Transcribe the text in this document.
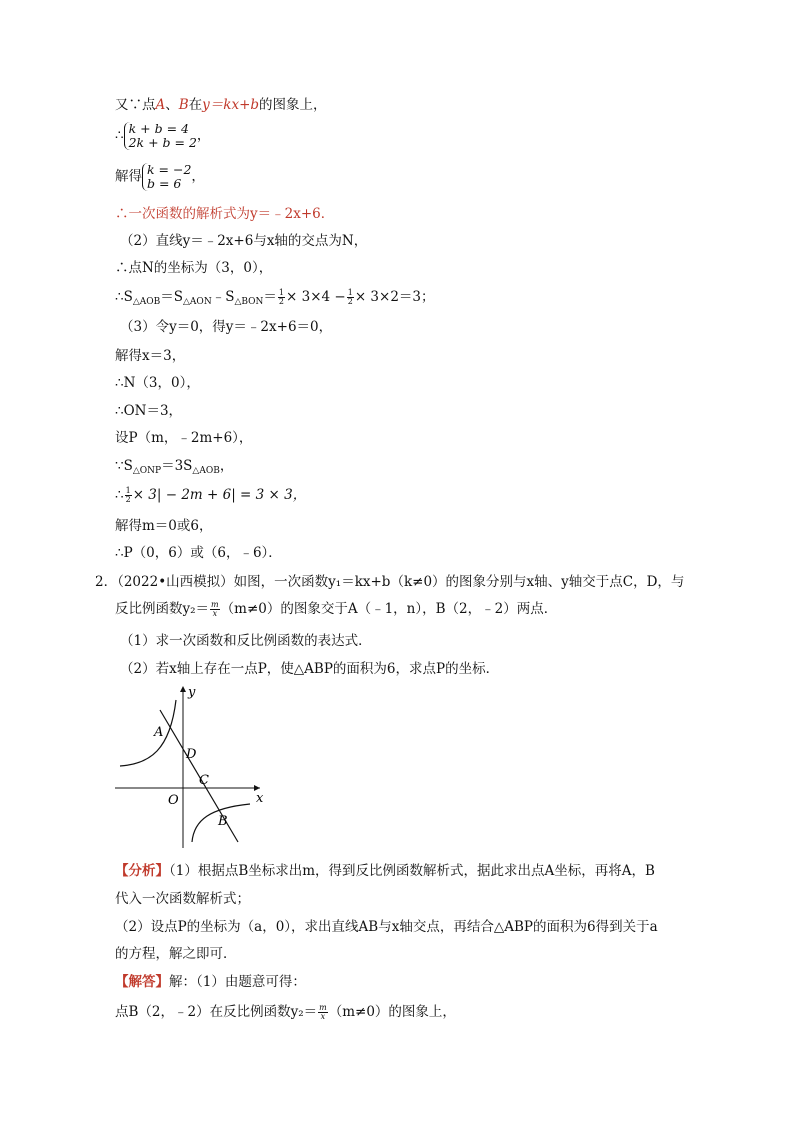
又∵点A、B在y＝kx+b的图象上，
∴ k + b = 4
2k + b = 2 ，
解得 k = −2
b = 6 ，
∴一次函数的解析式为y＝﹣2x+6．
（2）直线y＝﹣2x+6与x轴的交点为N，
∴点N的坐标为（3，0），
$\therefore S_{\triangle AOB}=S_{\triangle AON}﹣S_{\triangle BON}= \frac{1}{2} \times 3\times 4 - \frac{1}{2} \times 3\times 2=3$；
（3）令y＝0，得y＝﹣2x+6＝0，
解得x＝3，
∴N（3，0），
∴ON＝3，
设P（m，﹣2m+6），
$\because S_{\triangle ONP}=3S_{\triangle AOB}$，
∴ $\frac{1}{2} \times 3| - 2m + 6| = 3 \times 3$，
解得m＝0或6，
∴P（0，6）或（6，﹣6）．
2．（2022•山西模拟）如图，一次函数y₁＝kx+b（k≠0）的图象分别与x轴、y轴交于点C，D，与
反比例函数$y_2= \frac{m}{x} (m\ne 0)$的图象交于A（﹣1，n），B（2，﹣2）两点．
（1）求一次函数和反比例函数的表达式．
（2）若x轴上存在一点P，使△ABP的面积为6，求点P的坐标．
y
x
O
A
B
C
D
【分析】（1）根据点B坐标求出m，得到反比例函数解析式，据此求出点A坐标，再将A，B
代入一次函数解析式；
（2）设点P的坐标为（a，0），求出直线AB与x轴交点，再结合△ABP的面积为6得到关于a
的方程，解之即可．
【解答】解：（1）由题意可得：
点B（2，﹣2）在反比例函数$y_2= \frac{m}{x} (m\ne 0)$的图象上，
